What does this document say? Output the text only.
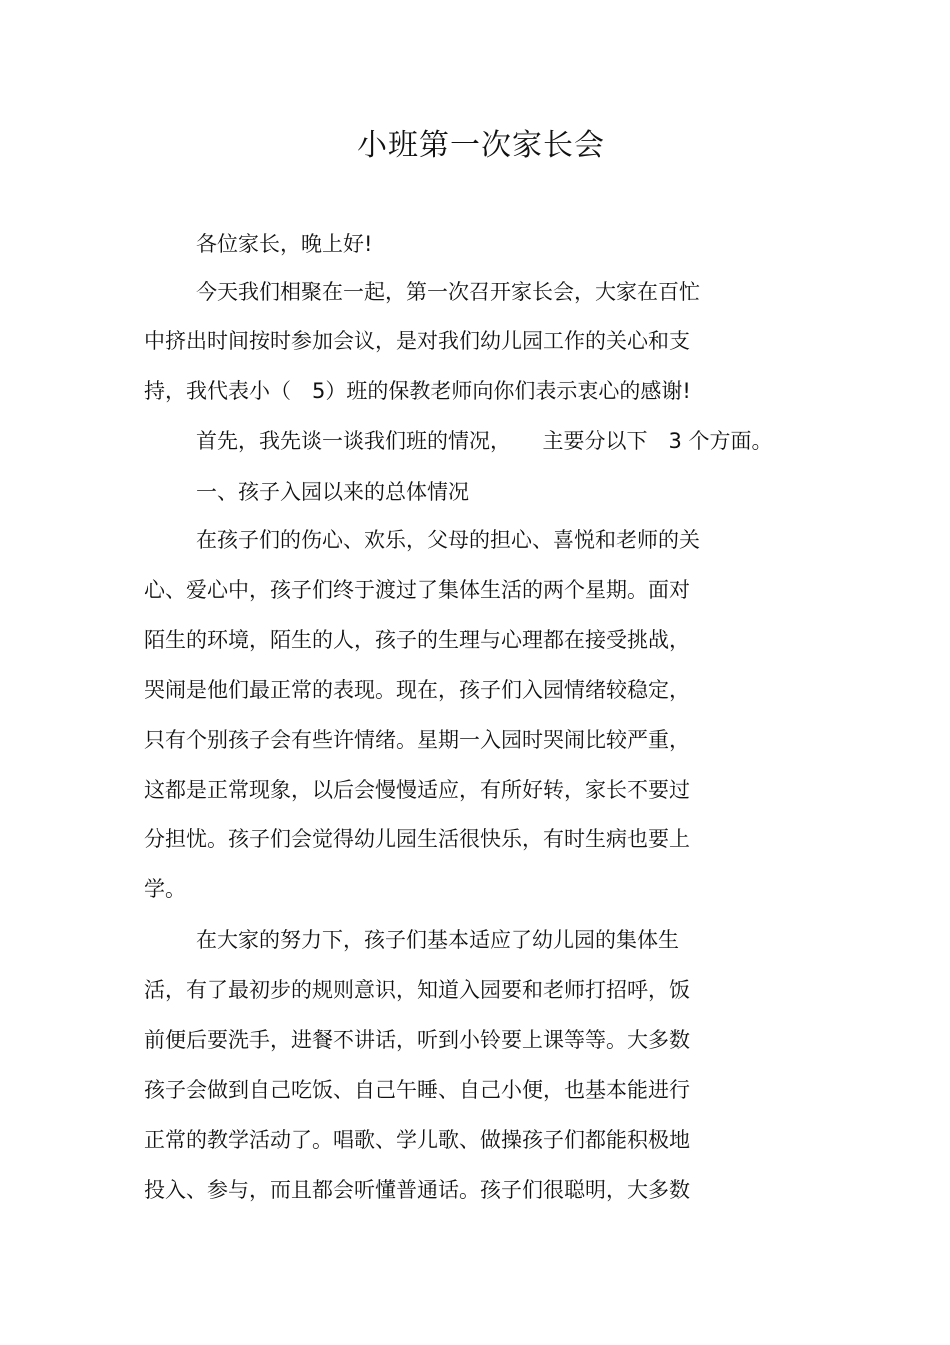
小班第一次家长会
各位家长，晚上好!
今天我们相聚在一起，第一次召开家长会，大家在百忙
中挤出时间按时参加会议，是对我们幼儿园工作的关心和支
持，我代表小（　5）班的保教老师向你们表示衷心的感谢!
首先，我先谈一谈我们班的情况，　　主要分以下　3 个方面。
一、孩子入园以来的总体情况
在孩子们的伤心、欢乐，父母的担心、喜悦和老师的关
心、爱心中，孩子们终于渡过了集体生活的两个星期。面对
陌生的环境，陌生的人，孩子的生理与心理都在接受挑战，
哭闹是他们最正常的表现。现在，孩子们入园情绪较稳定，
只有个别孩子会有些许情绪。星期一入园时哭闹比较严重，
这都是正常现象，以后会慢慢适应，有所好转，家长不要过
分担忧。孩子们会觉得幼儿园生活很快乐，有时生病也要上
学。
在大家的努力下，孩子们基本适应了幼儿园的集体生
活，有了最初步的规则意识，知道入园要和老师打招呼，饭
前便后要洗手，进餐不讲话，听到小铃要上课等等。大多数
孩子会做到自己吃饭、自己午睡、自己小便，也基本能进行
正常的教学活动了。唱歌、学儿歌、做操孩子们都能积极地
投入、参与，而且都会听懂普通话。孩子们很聪明，大多数
